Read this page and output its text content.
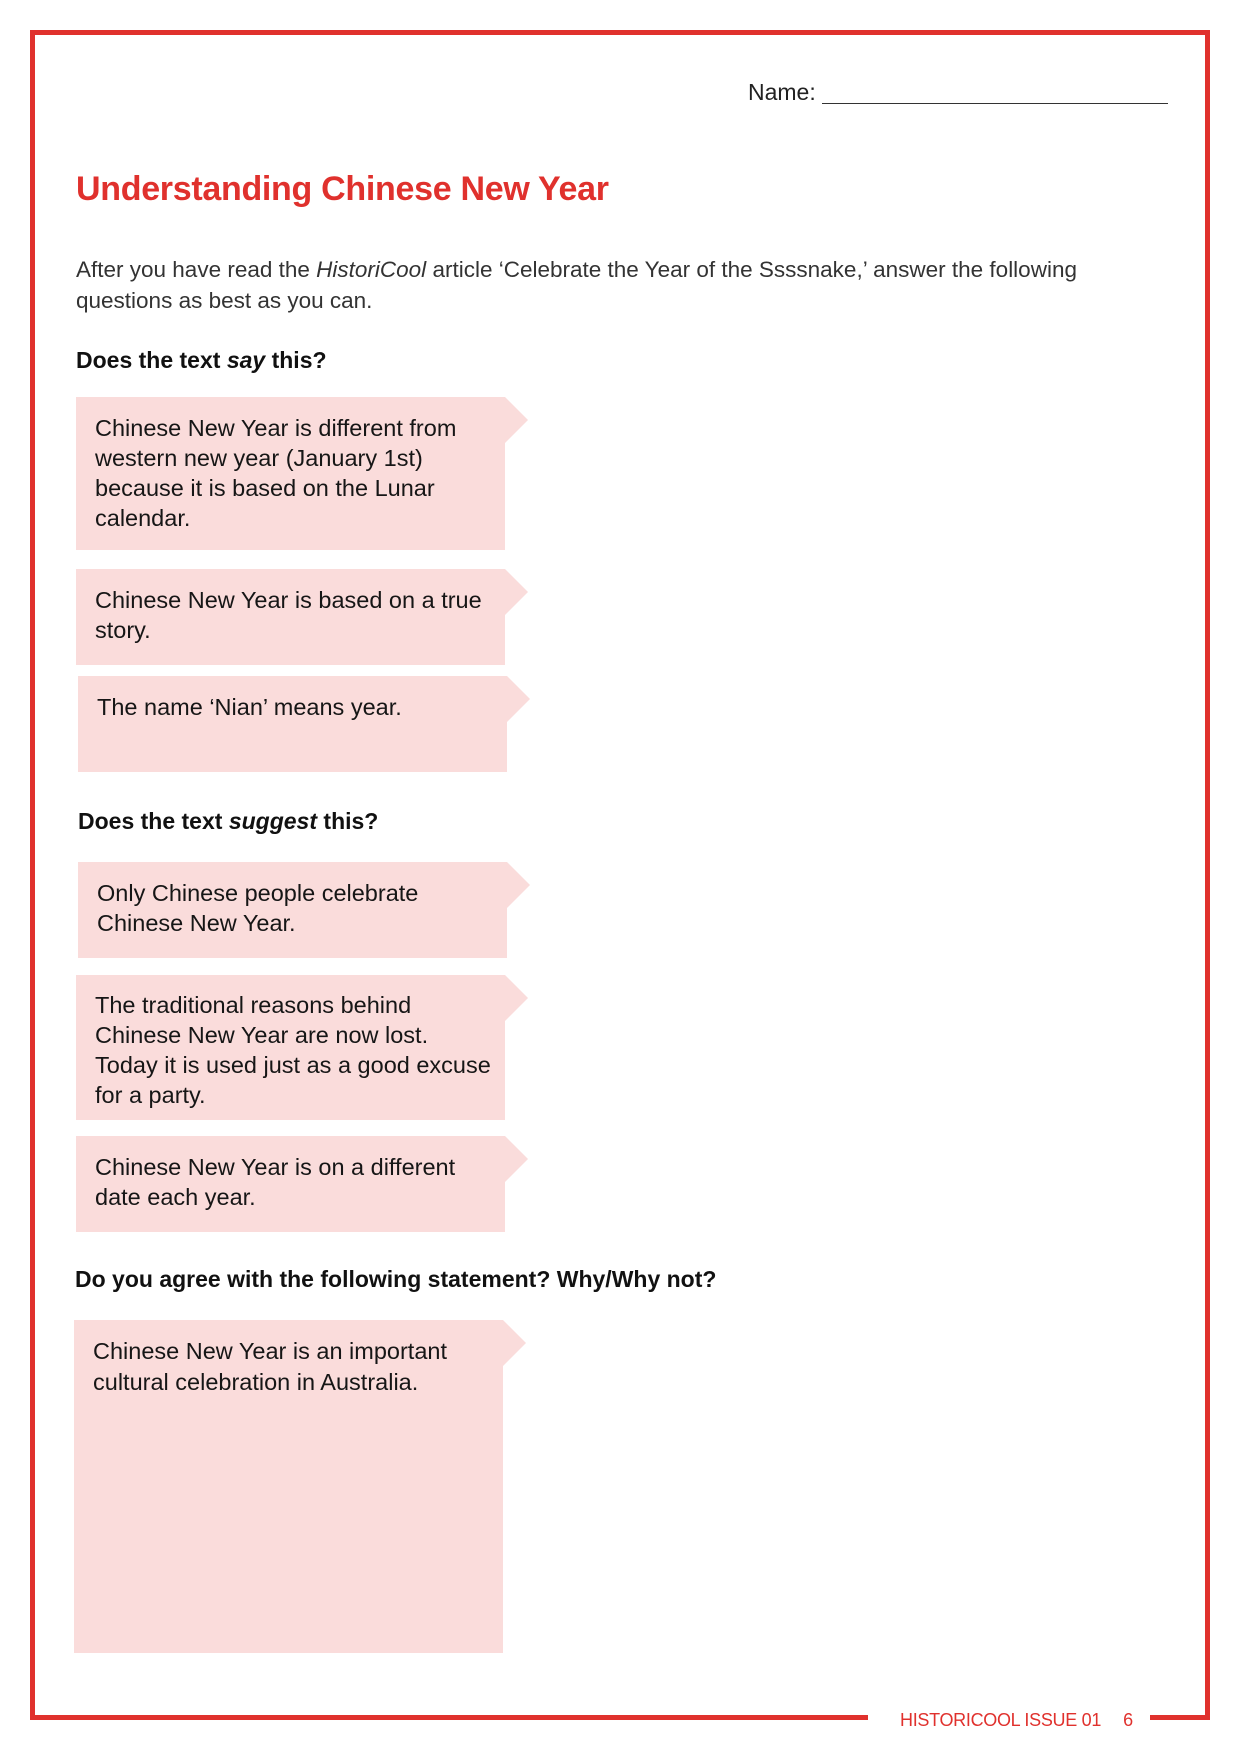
HISTORICOOL ISSUE 01 6
Name:
Understanding Chinese New Year

After you have read the HistoriCool article ‘Celebrate the Year of the Ssssnake,’ answer the following questions as best as you can.

Does the text say this?

Chinese New Year is different from western new year (January 1st) because it is based on the Lunar calendar.

Chinese New Year is based on a true story.

The name ‘Nian’ means year.

Does the text suggest this?

Only Chinese people celebrate Chinese New Year.

The traditional reasons behind Chinese New Year are now lost. Today it is used just as a good excuse for a party.

Chinese New Year is on a different date each year.

Do you agree with the following statement? Why/Why not?

Chinese New Year is an important cultural celebration in Australia.
